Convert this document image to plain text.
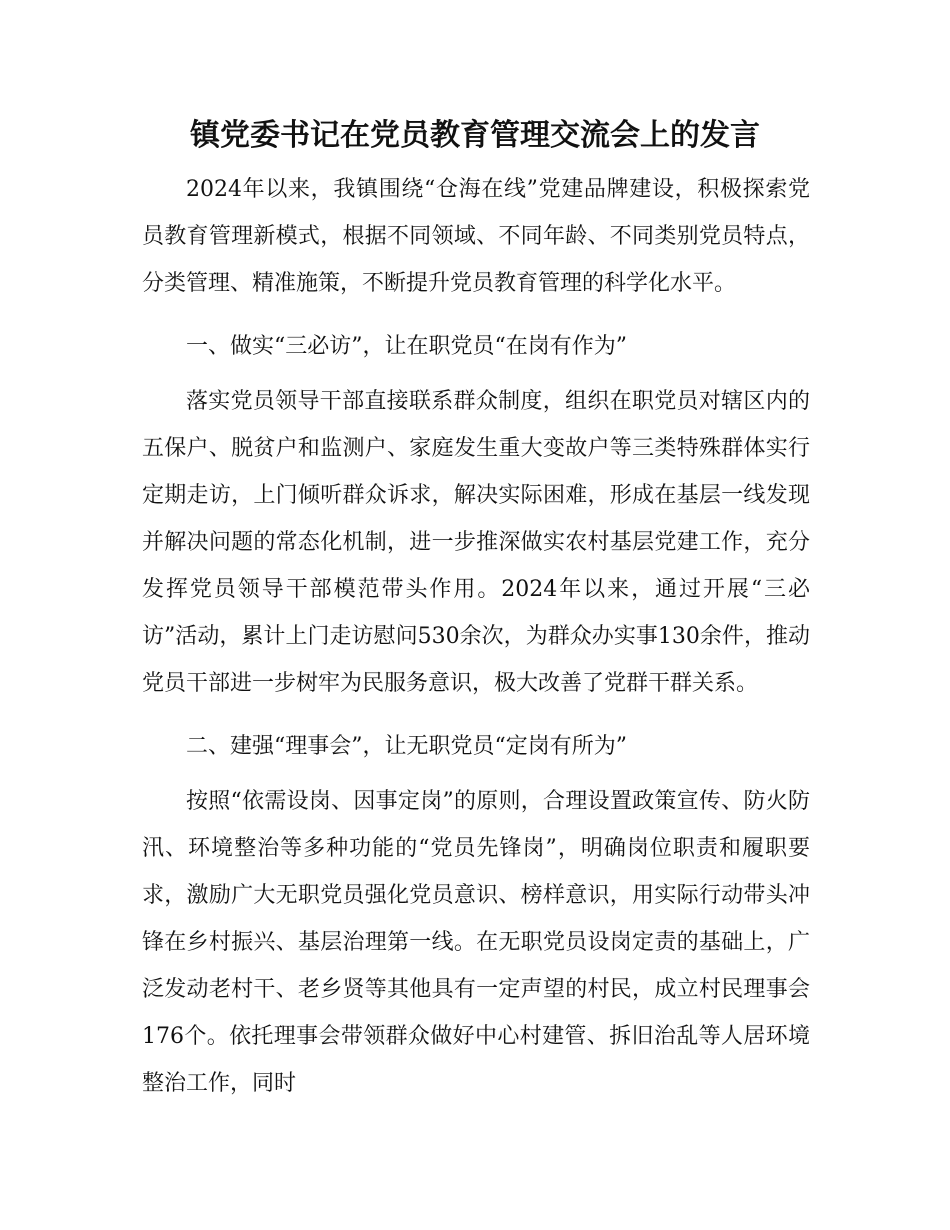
镇党委书记在党员教育管理交流会上的发言

2024年以来，我镇围绕“仓海在线”党建品牌建设，积极探索党员教育管理新模式，根据不同领域、不同年龄、不同类别党员特点，分类管理、精准施策，不断提升党员教育管理的科学化水平。

一、做实“三必访”，让在职党员“在岗有作为”

落实党员领导干部直接联系群众制度，组织在职党员对辖区内的五保户、脱贫户和监测户、家庭发生重大变故户等三类特殊群体实行定期走访，上门倾听群众诉求，解决实际困难，形成在基层一线发现并解决问题的常态化机制，进一步推深做实农村基层党建工作，充分发挥党员领导干部模范带头作用。2024年以来，通过开展“三必访”活动，累计上门走访慰问530余次，为群众办实事130余件，推动党员干部进一步树牢为民服务意识，极大改善了党群干群关系。

二、建强“理事会”，让无职党员“定岗有所为”

按照“依需设岗、因事定岗”的原则，合理设置政策宣传、防火防汛、环境整治等多种功能的“党员先锋岗”，明确岗位职责和履职要求，激励广大无职党员强化党员意识、榜样意识，用实际行动带头冲锋在乡村振兴、基层治理第一线。在无职党员设岗定责的基础上，广泛发动老村干、老乡贤等其他具有一定声望的村民，成立村民理事会176个。依托理事会带领群众做好中心村建管、拆旧治乱等人居环境整治工作，同时
